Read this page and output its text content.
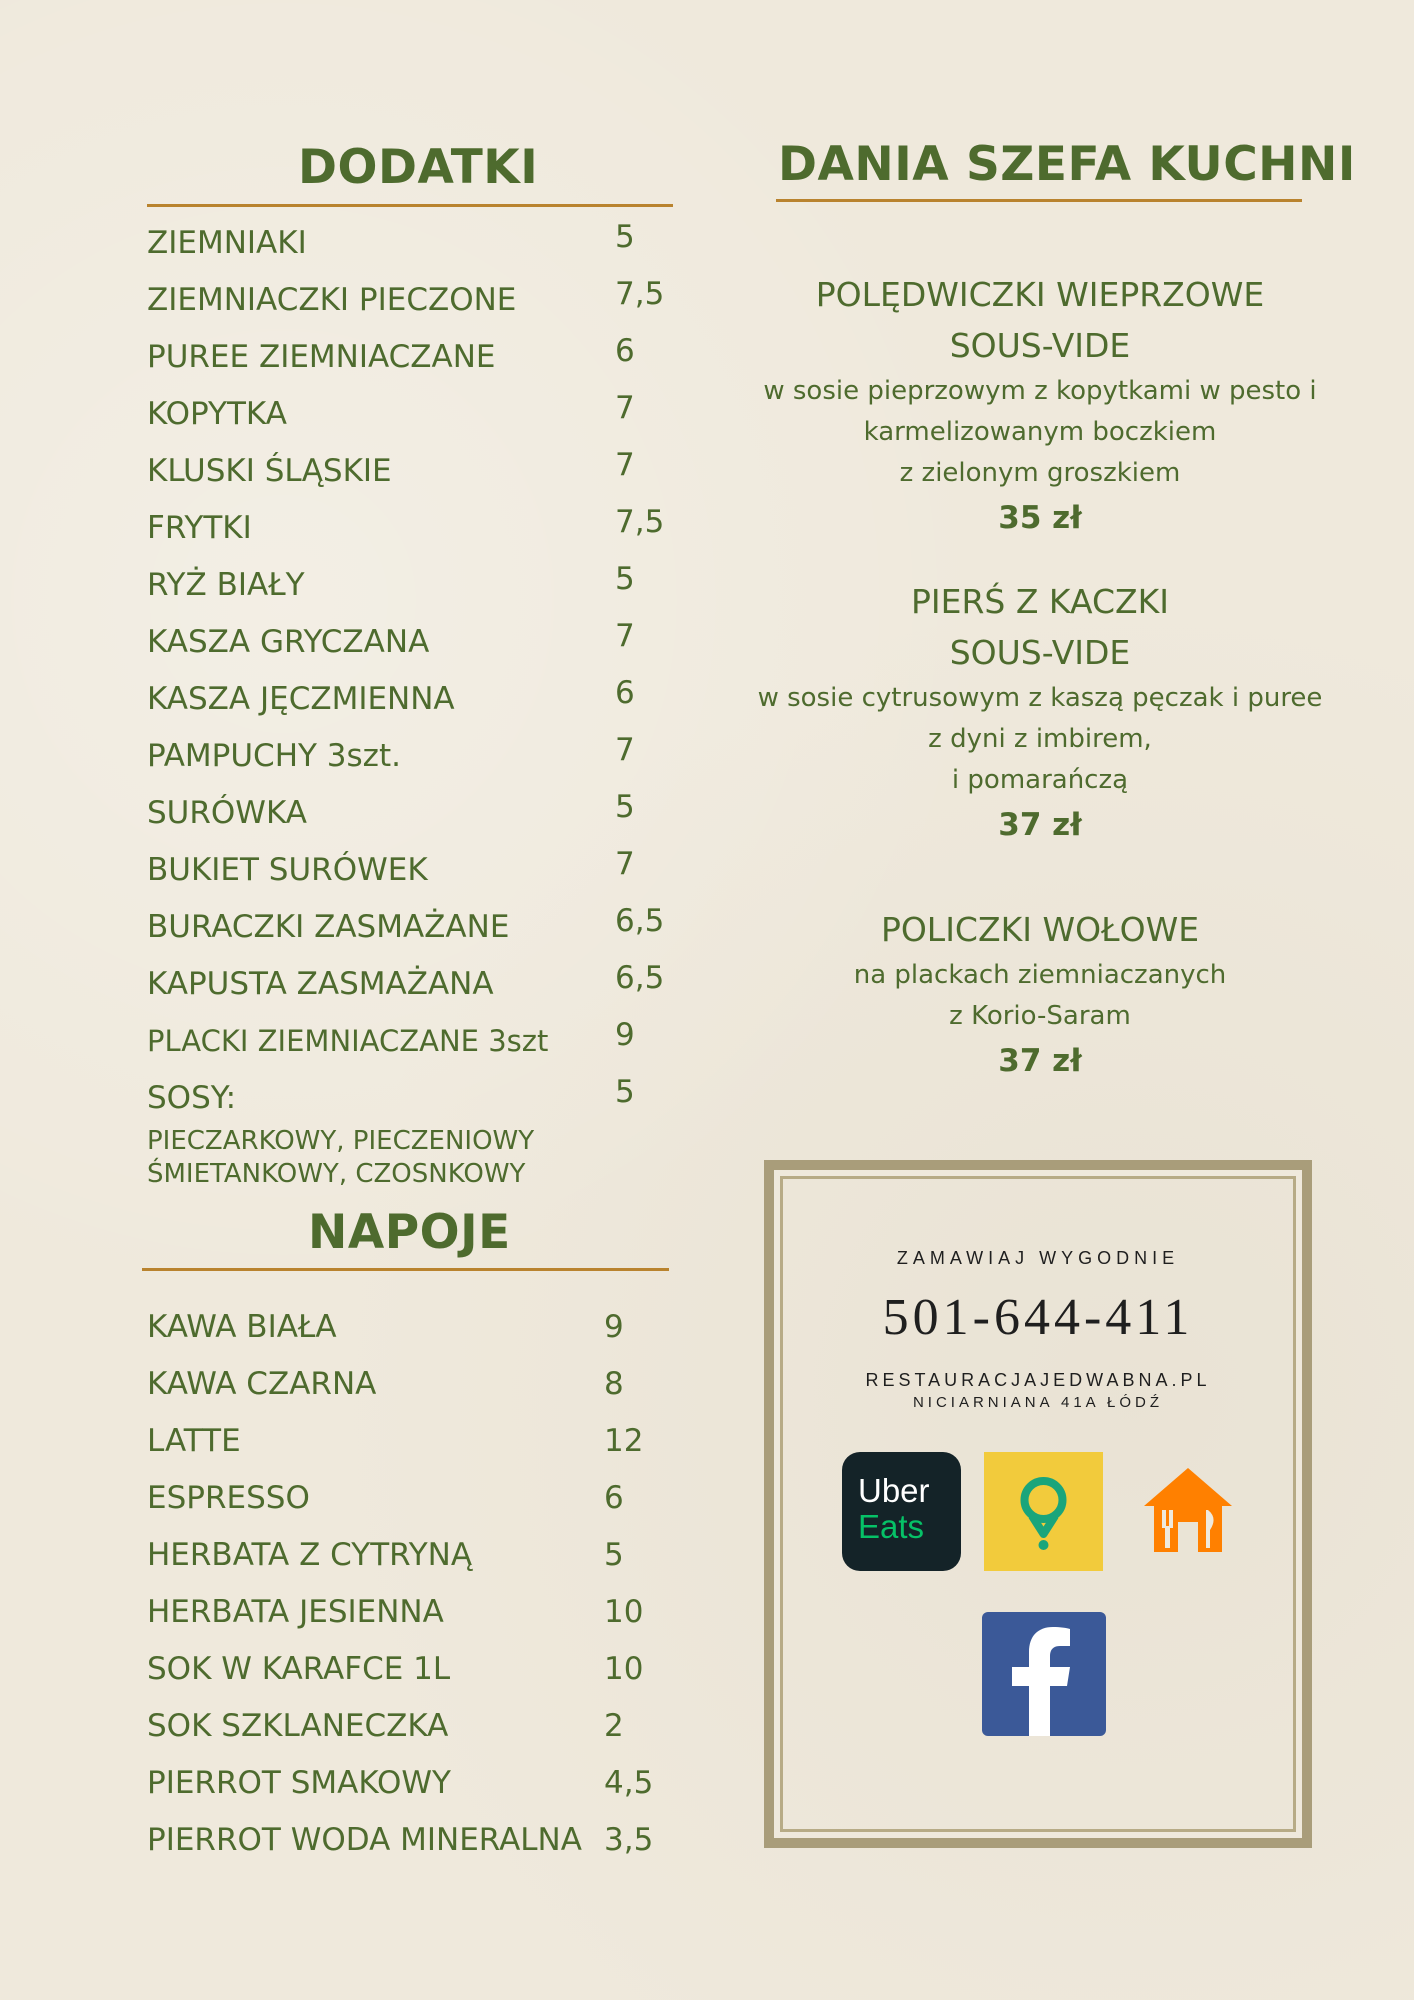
DODATKI
ZIEMNIAKI	5
ZIEMNIACZKI PIECZONE	7,5
PUREE ZIEMNIACZANE	6
KOPYTKA	7
KLUSKI ŚLĄSKIE	7
FRYTKI	7,5
RYŻ BIAŁY	5
KASZA GRYCZANA	7
KASZA JĘCZMIENNA	6
PAMPUCHY 3szt.	7
SURÓWKA	5
BUKIET SURÓWEK	7
BURACZKI ZASMAŻANE	6,5
KAPUSTA ZASMAŻANA	6,5
PLACKI ZIEMNIACZANE 3szt 9
SOSY:	5
PIECZARKOWY, PIECZENIOWY
ŚMIETANKOWY, CZOSNKOWY
NAPOJE
KAWA BIAŁA	9
KAWA CZARNA	8
LATTE	12
ESPRESSO	6
HERBATA Z CYTRYNĄ	5
HERBATA JESIENNA	10
SOK W KARAFCE 1L	10
SOK SZKLANECZKA	2
PIERROT SMAKOWY	4,5
PIERROT WODA MINERALNA 3,5
DANIA SZEFA KUCHNI
POLĘDWICZKI WIEPRZOWE
SOUS-VIDE
w sosie pieprzowym z kopytkami w pesto i
karmelizowanym boczkiem
z zielonym groszkiem
35 zł
PIERŚ Z KACZKI
SOUS-VIDE
w sosie cytrusowym z kaszą pęczak i puree
z dyni z imbirem,
i pomarańczą
37 zł
POLICZKI WOŁOWE
na plackach ziemniaczanych
z Korio-Saram
37 zł
ZAMAWIAJ WYGODNIE
501-644-411
RESTAURACJAJEDWABNA.PL
NICIARNIANA 41A ŁÓDŹ
Uber
Eats
